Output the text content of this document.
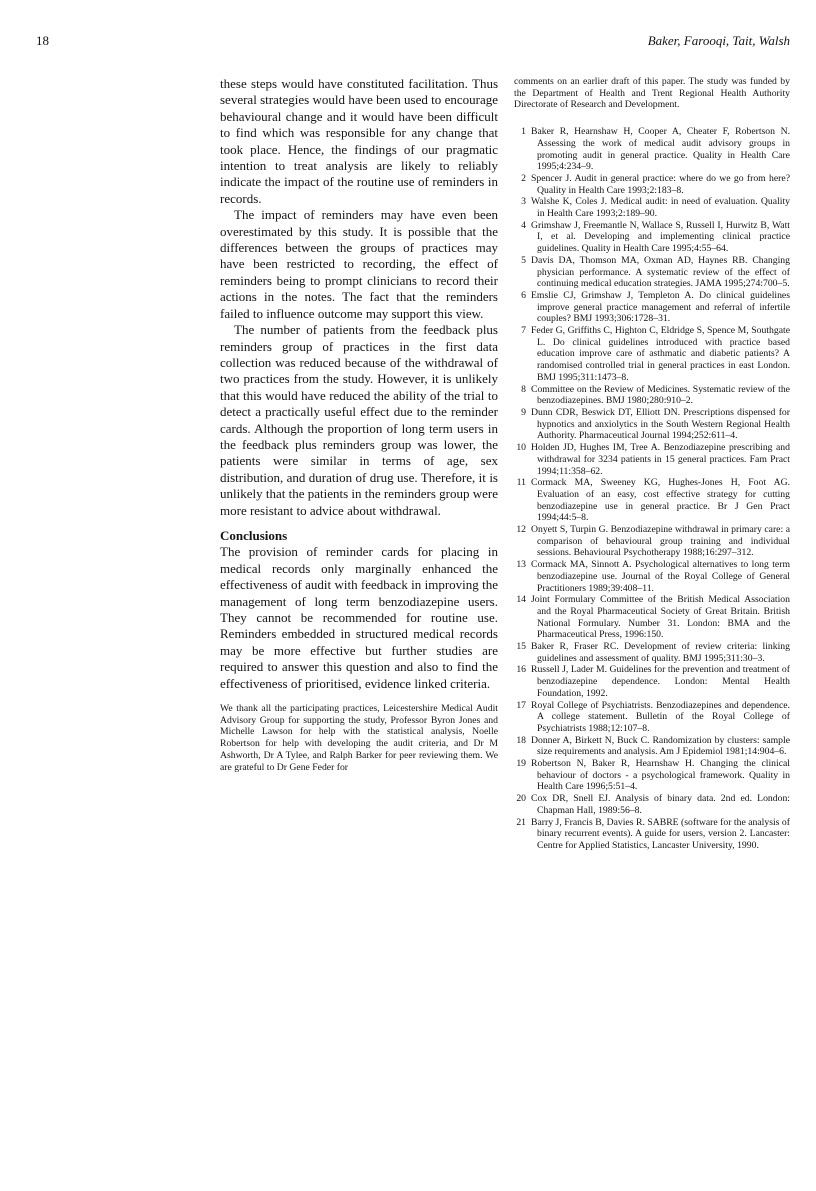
18	Baker, Farooqi, Tait, Walsh

these steps would have constituted facilitation. Thus several strategies would have been used to encourage behavioural change and it would have been difficult to find which was responsible for any change that took place. Hence, the findings of our pragmatic intention to treat analysis are likely to reliably indicate the impact of the routine use of reminders in records.

The impact of reminders may have even been overestimated by this study. It is possible that the differences between the groups of practices may have been restricted to recording, the effect of reminders being to prompt clinicians to record their actions in the notes. The fact that the reminders failed to influence outcome may support this view.

The number of patients from the feedback plus reminders group of practices in the first data collection was reduced because of the withdrawal of two practices from the study. However, it is unlikely that this would have reduced the ability of the trial to detect a practically useful effect due to the reminder cards. Although the proportion of long term users in the feedback plus reminders group was lower, the patients were similar in terms of age, sex distribution, and duration of drug use. Therefore, it is unlikely that the patients in the reminders group were more resistant to advice about withdrawal.

Conclusions

The provision of reminder cards for placing in medical records only marginally enhanced the effectiveness of audit with feedback in improving the management of long term benzodiazepine users. They cannot be recommended for routine use. Reminders embedded in structured medical records may be more effective but further studies are required to answer this question and also to find the effectiveness of prioritised, evidence linked criteria.

We thank all the participating practices, Leicestershire Medical Audit Advisory Group for supporting the study, Professor Byron Jones and Michelle Lawson for help with the statistical analysis, Noelle Robertson for help with developing the audit criteria, and Dr M Ashworth, Dr A Tylee, and Ralph Barker for peer reviewing them. We are grateful to Dr Gene Feder for

comments on an earlier draft of this paper. The study was funded by the Department of Health and Trent Regional Health Authority Directorate of Research and Development.

1 Baker R, Hearnshaw H, Cooper A, Cheater F, Robertson N. Assessing the work of medical audit advisory groups in promoting audit in general practice. Quality in Health Care 1995;4:234–9.
2 Spencer J. Audit in general practice: where do we go from here? Quality in Health Care 1993;2:183–8.
3 Walshe K, Coles J. Medical audit: in need of evaluation. Quality in Health Care 1993;2:189–90.
4 Grimshaw J, Freemantle N, Wallace S, Russell I, Hurwitz B, Watt I, et al. Developing and implementing clinical practice guidelines. Quality in Health Care 1995;4:55–64.
5 Davis DA, Thomson MA, Oxman AD, Haynes RB. Changing physician performance. A systematic review of the effect of continuing medical education strategies. JAMA 1995;274:700–5.
6 Emslie CJ, Grimshaw J, Templeton A. Do clinical guidelines improve general practice management and referral of infertile couples? BMJ 1993;306:1728–31.
7 Feder G, Griffiths C, Highton C, Eldridge S, Spence M, Southgate L. Do clinical guidelines introduced with practice based education improve care of asthmatic and diabetic patients? A randomised controlled trial in general practices in east London. BMJ 1995;311:1473–8.
8 Committee on the Review of Medicines. Systematic review of the benzodiazepines. BMJ 1980;280:910–2.
9 Dunn CDR, Beswick DT, Elliott DN. Prescriptions dispensed for hypnotics and anxiolytics in the South Western Regional Health Authority. Pharmaceutical Journal 1994;252:611–4.
10 Holden JD, Hughes IM, Tree A. Benzodiazepine prescribing and withdrawal for 3234 patients in 15 general practices. Fam Pract 1994;11:358–62.
11 Cormack MA, Sweeney KG, Hughes-Jones H, Foot AG. Evaluation of an easy, cost effective strategy for cutting benzodiazepine use in general practice. Br J Gen Pract 1994;44:5–8.
12 Onyett S, Turpin G. Benzodiazepine withdrawal in primary care: a comparison of behavioural group training and individual sessions. Behavioural Psychotherapy 1988;16:297–312.
13 Cormack MA, Sinnott A. Psychological alternatives to long term benzodiazepine use. Journal of the Royal College of General Practitioners 1989;39:408–11.
14 Joint Formulary Committee of the British Medical Association and the Royal Pharmaceutical Society of Great Britain. British National Formulary. Number 31. London: BMA and the Pharmaceutical Press, 1996:150.
15 Baker R, Fraser RC. Development of review criteria: linking guidelines and assessment of quality. BMJ 1995;311:30–3.
16 Russell J, Lader M. Guidelines for the prevention and treatment of benzodiazepine dependence. London: Mental Health Foundation, 1992.
17 Royal College of Psychiatrists. Benzodiazepines and dependence. A college statement. Bulletin of the Royal College of Psychiatrists 1988;12:107–8.
18 Donner A, Birkett N, Buck C. Randomization by clusters: sample size requirements and analysis. Am J Epidemiol 1981;14:904–6.
19 Robertson N, Baker R, Hearnshaw H. Changing the clinical behaviour of doctors - a psychological framework. Quality in Health Care 1996;5:51–4.
20 Cox DR, Snell EJ. Analysis of binary data. 2nd ed. London: Chapman Hall, 1989:56–8.
21 Barry J, Francis B, Davies R. SABRE (software for the analysis of binary recurrent events). A guide for users, version 2. Lancaster: Centre for Applied Statistics, Lancaster University, 1990.
